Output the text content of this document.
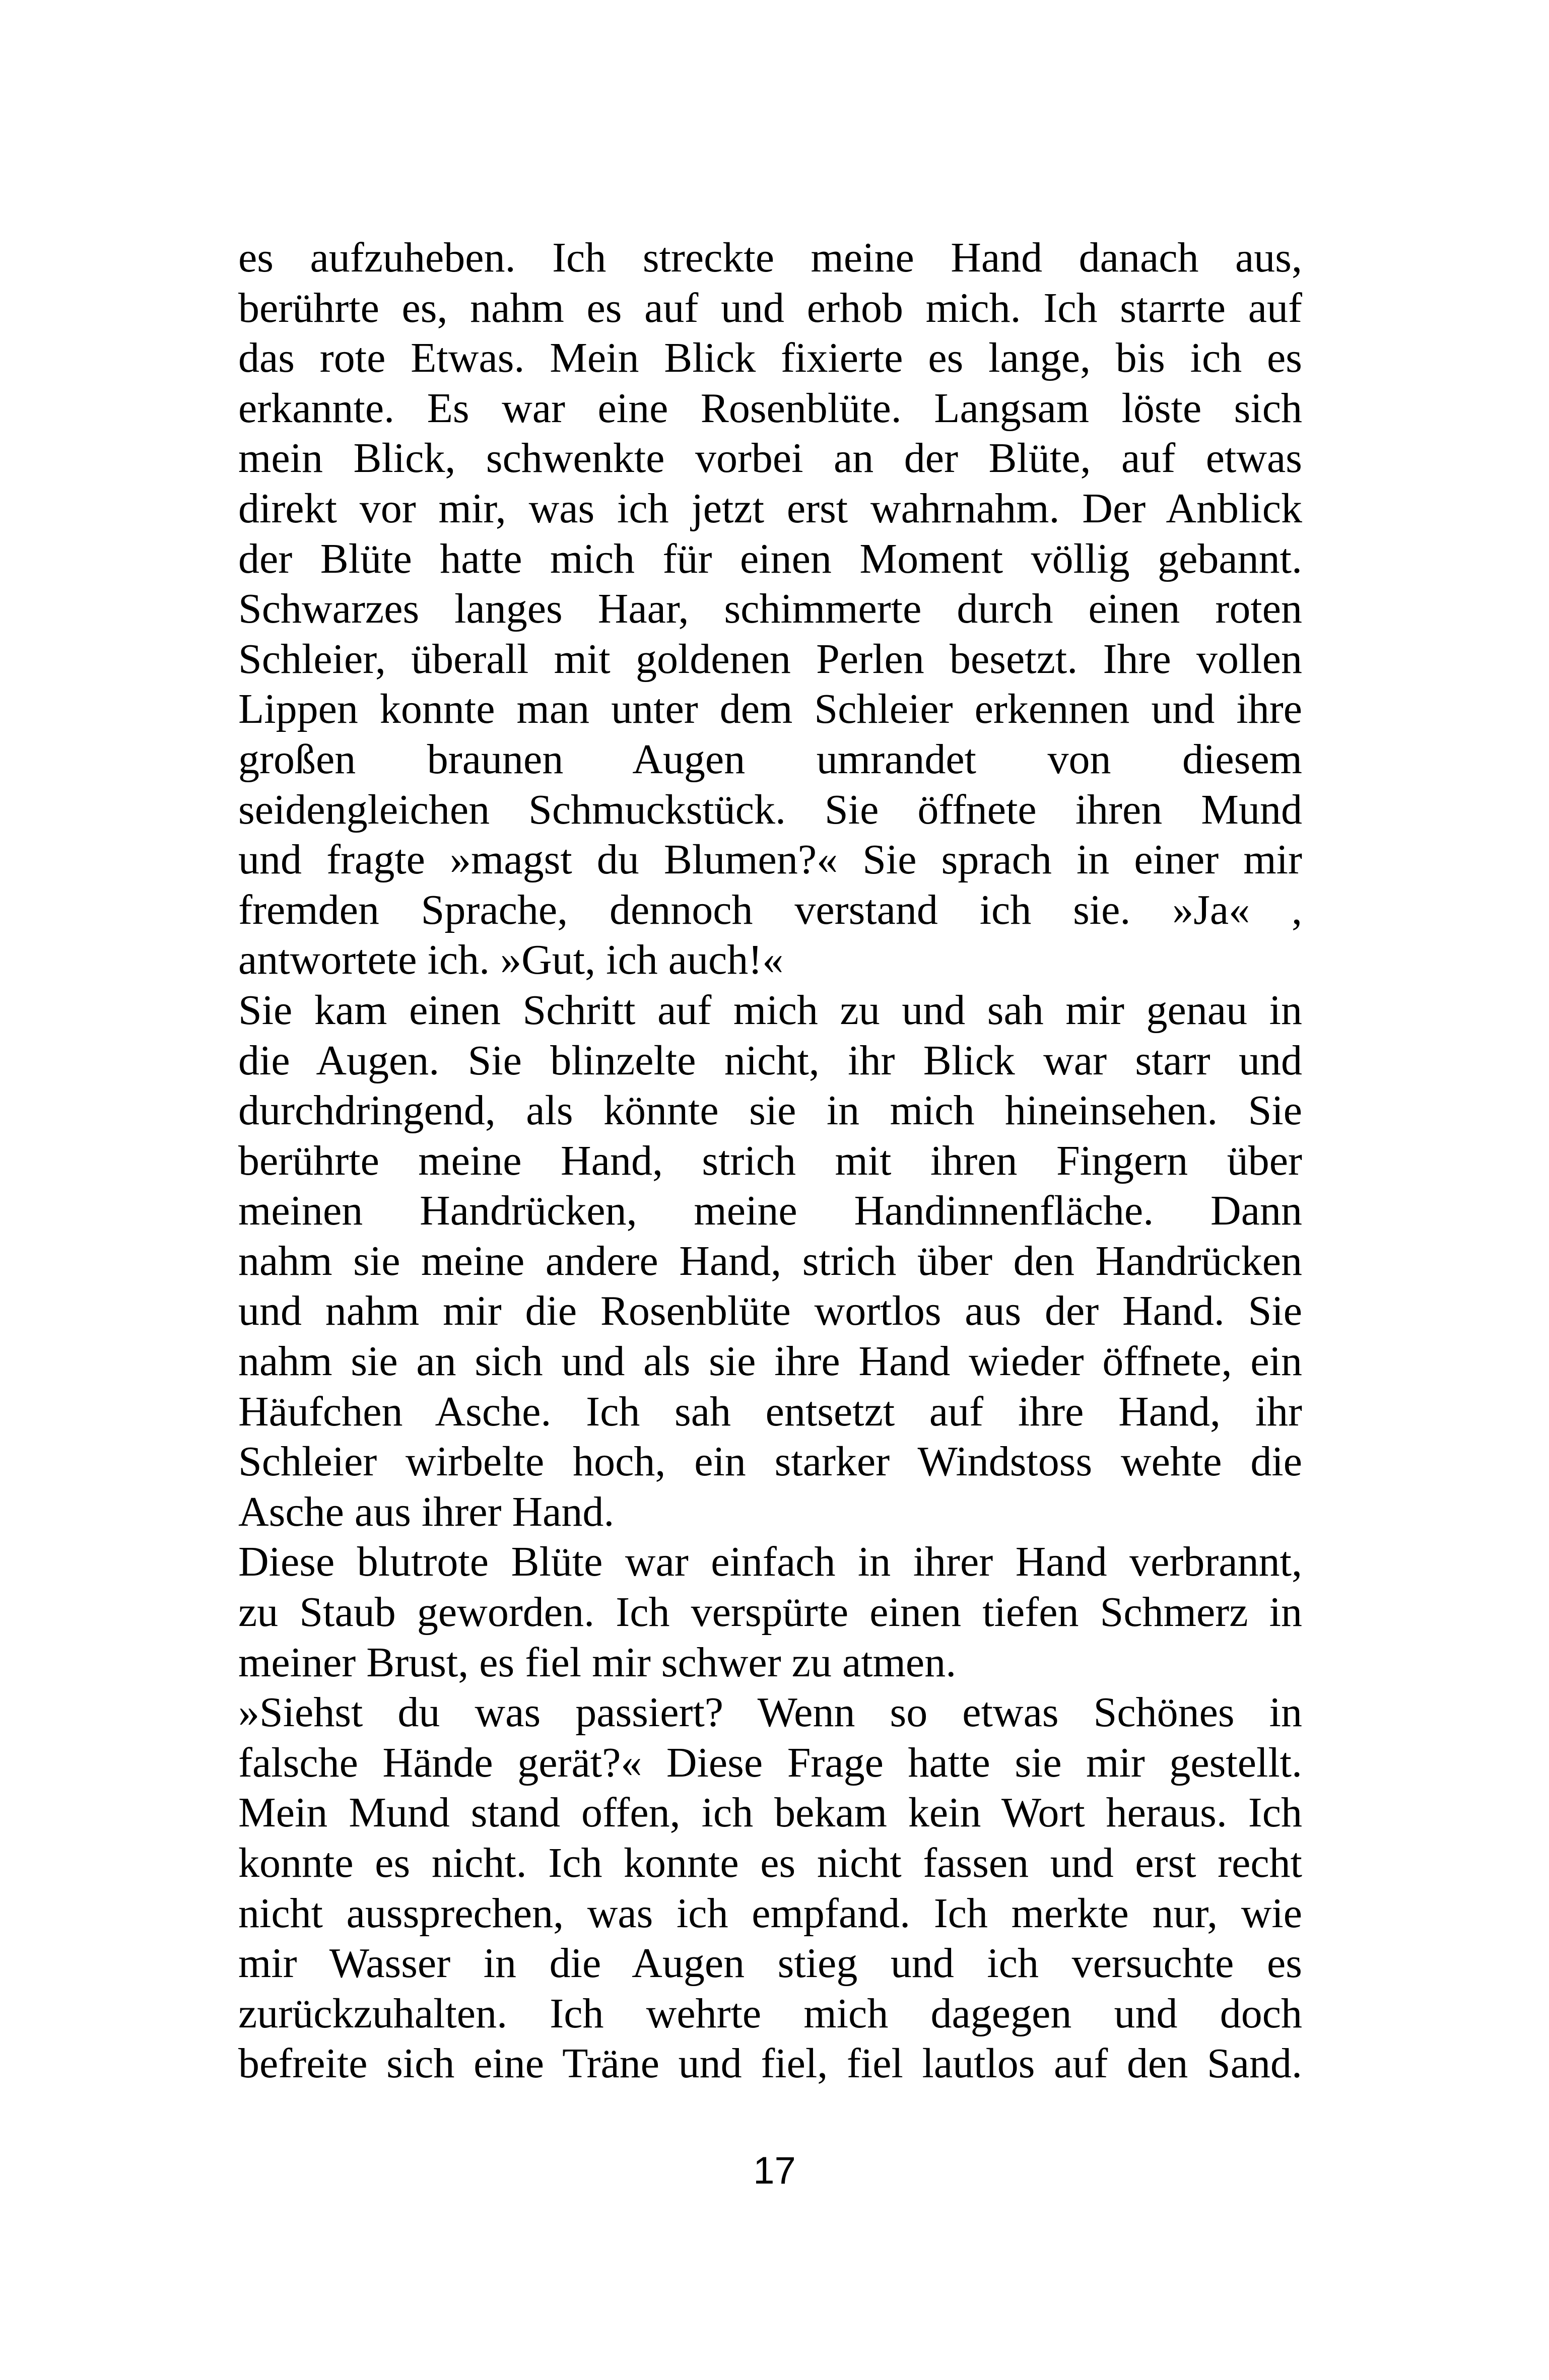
es aufzuheben. Ich streckte meine Hand danach aus,
berührte es, nahm es auf und erhob mich. Ich starrte auf
das rote Etwas. Mein Blick fixierte es lange, bis ich es
erkannte. Es war eine Rosenblüte. Langsam löste sich
mein Blick, schwenkte vorbei an der Blüte, auf etwas
direkt vor mir, was ich jetzt erst wahrnahm. Der Anblick
der Blüte hatte mich für einen Moment völlig gebannt.
Schwarzes langes Haar, schimmerte durch einen roten
Schleier, überall mit goldenen Perlen besetzt. Ihre vollen
Lippen konnte man unter dem Schleier erkennen und ihre
großen braunen Augen umrandet von diesem
seidengleichen Schmuckstück. Sie öffnete ihren Mund
und fragte »magst du Blumen?« Sie sprach in einer mir
fremden Sprache, dennoch verstand ich sie. »Ja« ,
antwortete ich. »Gut, ich auch!«
Sie kam einen Schritt auf mich zu und sah mir genau in
die Augen. Sie blinzelte nicht, ihr Blick war starr und
durchdringend, als könnte sie in mich hineinsehen. Sie
berührte meine Hand, strich mit ihren Fingern über
meinen Handrücken, meine Handinnenfläche. Dann
nahm sie meine andere Hand, strich über den Handrücken
und nahm mir die Rosenblüte wortlos aus der Hand. Sie
nahm sie an sich und als sie ihre Hand wieder öffnete, ein
Häufchen Asche. Ich sah entsetzt auf ihre Hand, ihr
Schleier wirbelte hoch, ein starker Windstoss wehte die
Asche aus ihrer Hand.
Diese blutrote Blüte war einfach in ihrer Hand verbrannt,
zu Staub geworden. Ich verspürte einen tiefen Schmerz in
meiner Brust, es fiel mir schwer zu atmen.
»Siehst du was passiert? Wenn so etwas Schönes in
falsche Hände gerät?« Diese Frage hatte sie mir gestellt.
Mein Mund stand offen, ich bekam kein Wort heraus. Ich
konnte es nicht. Ich konnte es nicht fassen und erst recht
nicht aussprechen, was ich empfand. Ich merkte nur, wie
mir Wasser in die Augen stieg und ich versuchte es
zurückzuhalten. Ich wehrte mich dagegen und doch
befreite sich eine Träne und fiel, fiel lautlos auf den Sand.
17
